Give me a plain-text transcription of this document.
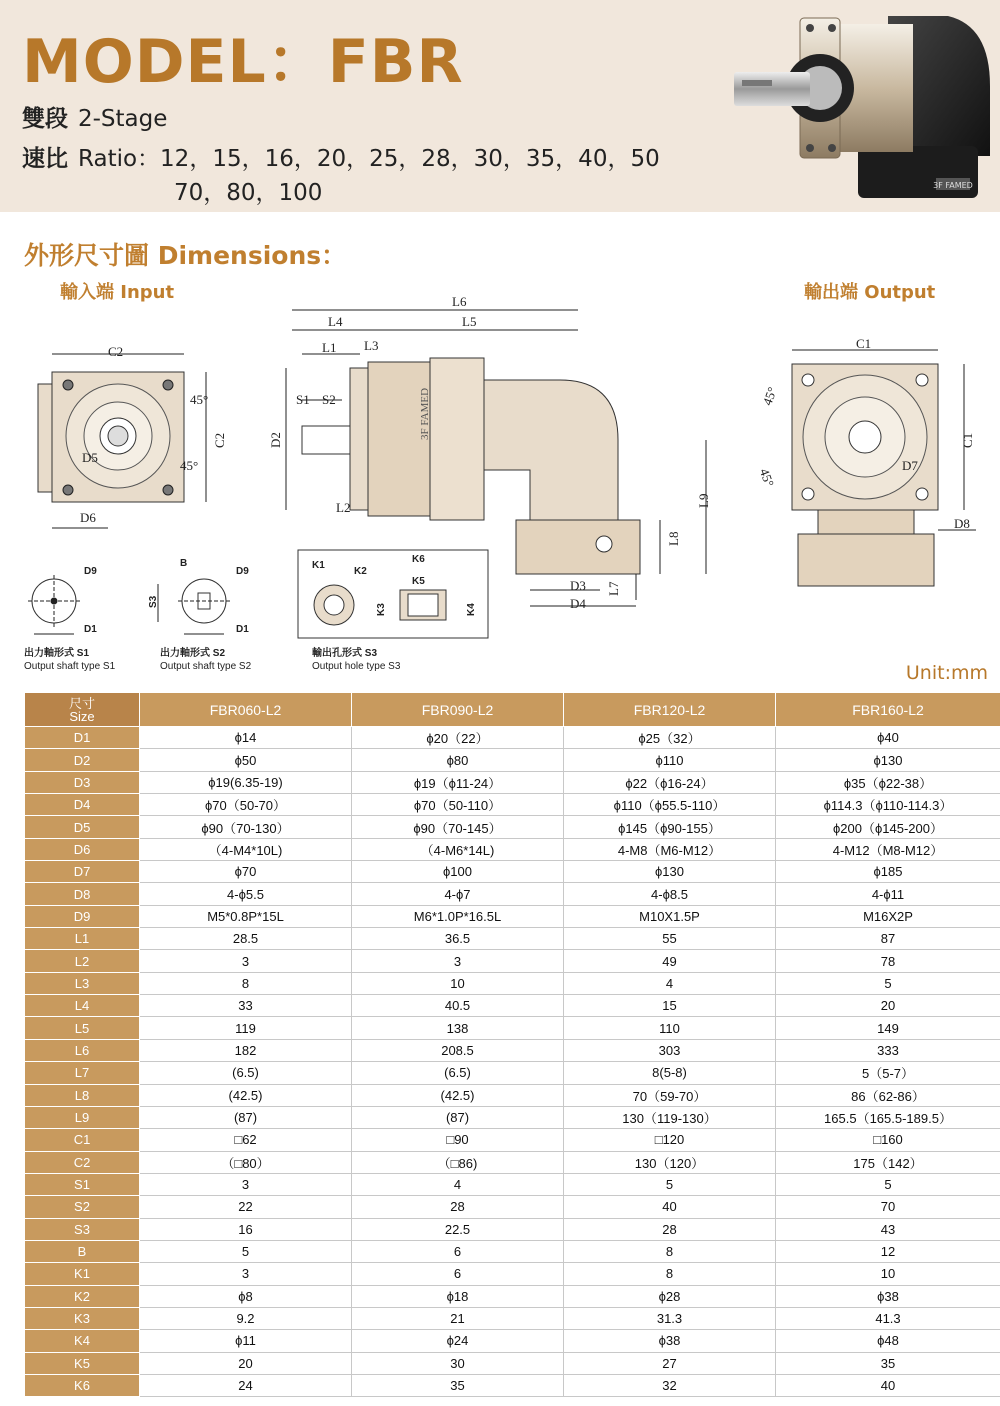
MODEL：FBR
雙段 2-Stage
速比 Ratio：12，15，16，20，25，28，30，35，40，50
70，80，100	3F FAMED
外形尺寸圖 Dimensions：
輸入端 Input	輸出端 Output
C2
C2
D6
D5
45°
45°
3F FAMED
L6
L4	L5
L1 L3
S1 S2
D2
L2
L8
L9
L7
D3
D4
C1
C1
D7
D8
45°
45°
D9
D1
出力軸形式 S1
Output shaft type S1
B
D9
S3
D1
出力軸形式 S2
Output shaft type S2
K1
K2
K6
K5
K3	K4
輸出孔形式 S3
Output hole type S3	Unit:mm
尺寸
Size	FBR060-L2	FBR090-L2	FBR120-L2	FBR160-L2
D1	ϕ14	ϕ20（22）	ϕ25（32）	ϕ40
D2	ϕ50	ϕ80	ϕ110	ϕ130
D3	ϕ19(6.35-19)	ϕ19（ϕ11-24）	ϕ22（ϕ16-24）	ϕ35（ϕ22-38）
D4	ϕ70（50-70）	ϕ70（50-110）	ϕ110（ϕ55.5-110）	ϕ114.3（ϕ110-114.3）
D5	ϕ90（70-130）	ϕ90（70-145）	ϕ145（ϕ90-155）	ϕ200（ϕ145-200）
D6	（4-M4*10L)	（4-M6*14L)	4-M8（M6-M12）	4-M12（M8-M12）
D7	ϕ70	ϕ100	ϕ130	ϕ185
D8	4-ϕ5.5	4-ϕ7	4-ϕ8.5	4-ϕ11
D9	M5*0.8P*15L	M6*1.0P*16.5L	M10X1.5P	M16X2P
L1	28.5	36.5	55	87
L2	3	3	49	78
L3	8	10	4	5
L4	33	40.5	15	20
L5	119	138	110	149
L6	182	208.5	303	333
L7	(6.5)	(6.5)	8(5-8)	5（5-7）
L8	(42.5)	(42.5)	70（59-70）	86（62-86）
L9	(87)	(87)	130（119-130）	165.5（165.5-189.5）
C1	□62	□90	□120	□160
C2	（□80）	（□86)	130（120）	175（142）
S1	3	4	5	5
S2	22	28	40	70
S3	16	22.5	28	43
B	5	6	8	12
K1	3	6	8	10
K2	ϕ8	ϕ18	ϕ28	ϕ38
K3	9.2	21	31.3	41.3
K4	ϕ11	ϕ24	ϕ38	ϕ48
K5	20	30	27	35
K6	24	35	32	40
